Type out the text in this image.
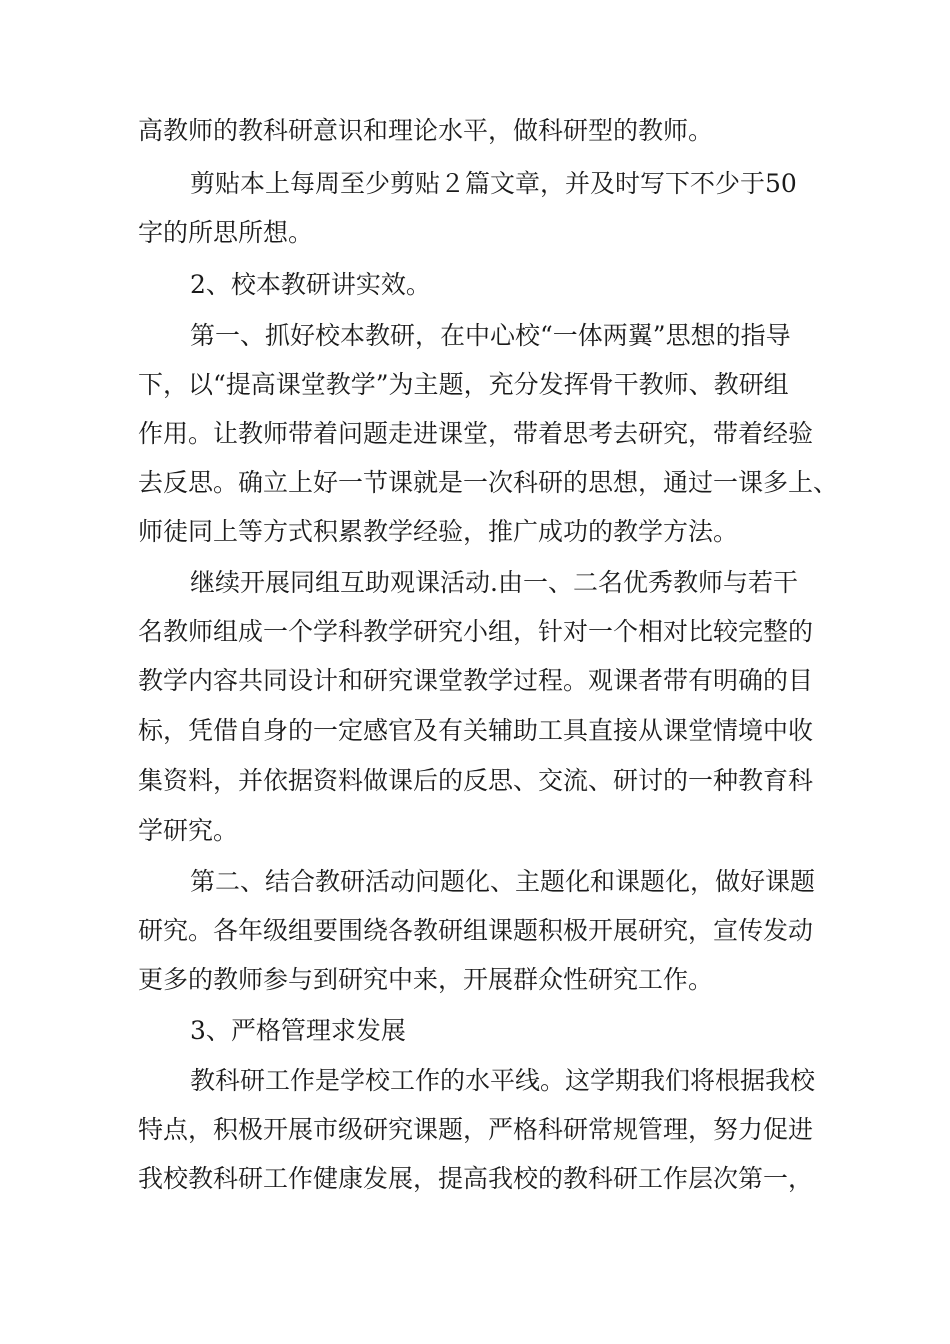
高教师的教科研意识和理论水平，做科研型的教师。

剪贴本上每周至少剪贴２篇文章，并及时写下不少于50

字的所思所想。

2、校本教研讲实效。

第一、抓好校本教研，在中心校“一体两翼”思想的指导

下，以“提高课堂教学”为主题，充分发挥骨干教师、教研组

作用。让教师带着问题走进课堂，带着思考去研究，带着经验

去反思。确立上好一节课就是一次科研的思想，通过一课多上、

师徒同上等方式积累教学经验，推广成功的教学方法。

继续开展同组互助观课活动.由一、二名优秀教师与若干

名教师组成一个学科教学研究小组，针对一个相对比较完整的

教学内容共同设计和研究课堂教学过程。观课者带有明确的目

标，凭借自身的一定感官及有关辅助工具直接从课堂情境中收

集资料，并依据资料做课后的反思、交流、研讨的一种教育科

学研究。

第二、结合教研活动问题化、主题化和课题化，做好课题

研究。各年级组要围绕各教研组课题积极开展研究，宣传发动

更多的教师参与到研究中来，开展群众性研究工作。

3、严格管理求发展

教科研工作是学校工作的水平线。这学期我们将根据我校

特点，积极开展市级研究课题，严格科研常规管理，努力促进

我校教科研工作健康发展，提高我校的教科研工作层次第一，
